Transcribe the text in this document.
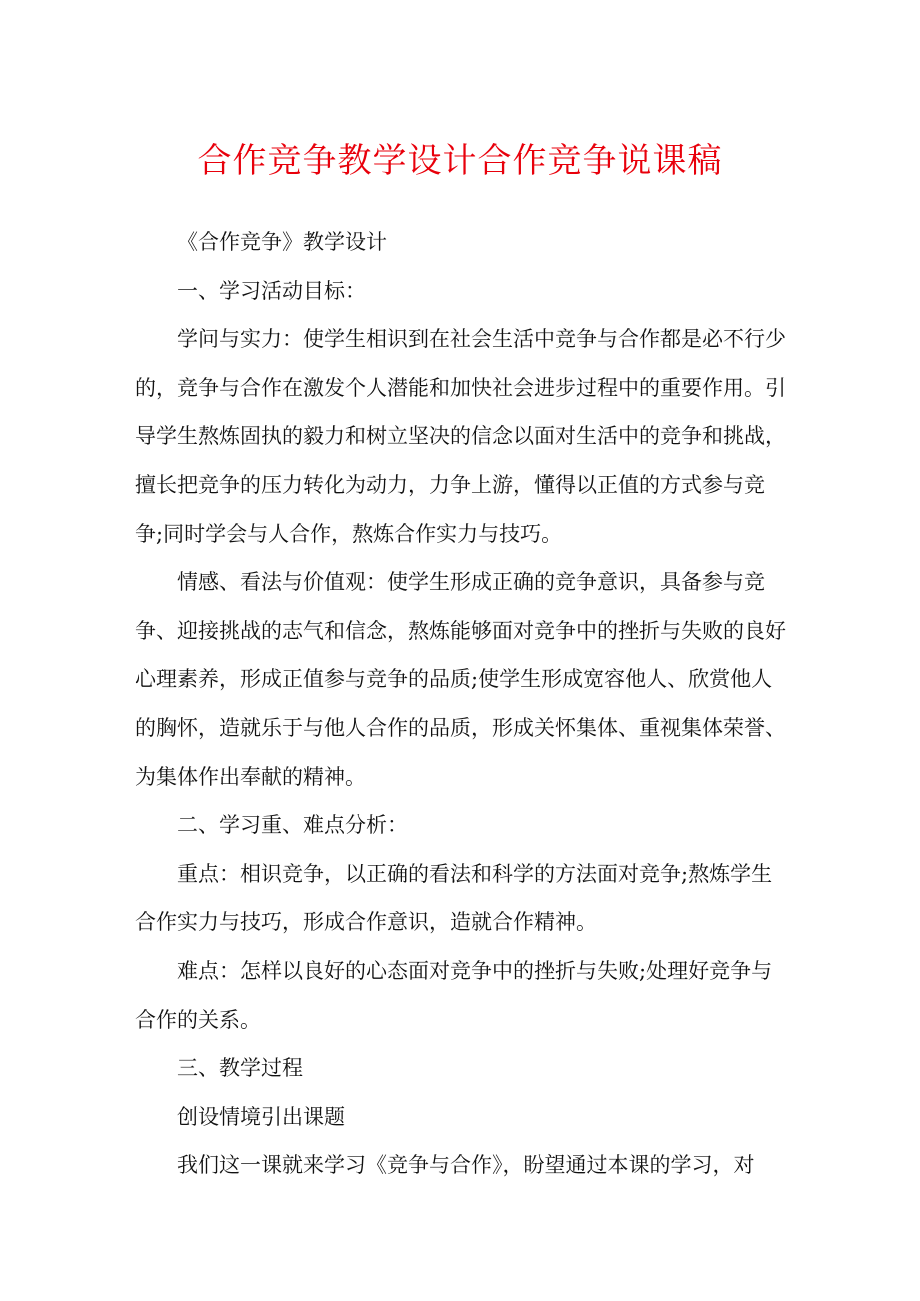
合作竞争教学设计合作竞争说课稿

《合作竞争》教学设计

一、学习活动目标：

学问与实力：使学生相识到在社会生活中竞争与合作都是必不行少的，竞争与合作在激发个人潜能和加快社会进步过程中的重要作用。引导学生熬炼固执的毅力和树立坚决的信念以面对生活中的竞争和挑战，擅长把竞争的压力转化为动力，力争上游，懂得以正值的方式参与竞争;同时学会与人合作，熬炼合作实力与技巧。

情感、看法与价值观：使学生形成正确的竞争意识，具备参与竞争、迎接挑战的志气和信念，熬炼能够面对竞争中的挫折与失败的良好心理素养，形成正值参与竞争的品质;使学生形成宽容他人、欣赏他人的胸怀，造就乐于与他人合作的品质，形成关怀集体、重视集体荣誉、为集体作出奉献的精神。

二、学习重、难点分析：

重点：相识竞争，以正确的看法和科学的方法面对竞争;熬炼学生合作实力与技巧，形成合作意识，造就合作精神。

难点：怎样以良好的心态面对竞争中的挫折与失败;处理好竞争与合作的关系。

三、教学过程

创设情境引出课题

我们这一课就来学习《竞争与合作》，盼望通过本课的学习，对
